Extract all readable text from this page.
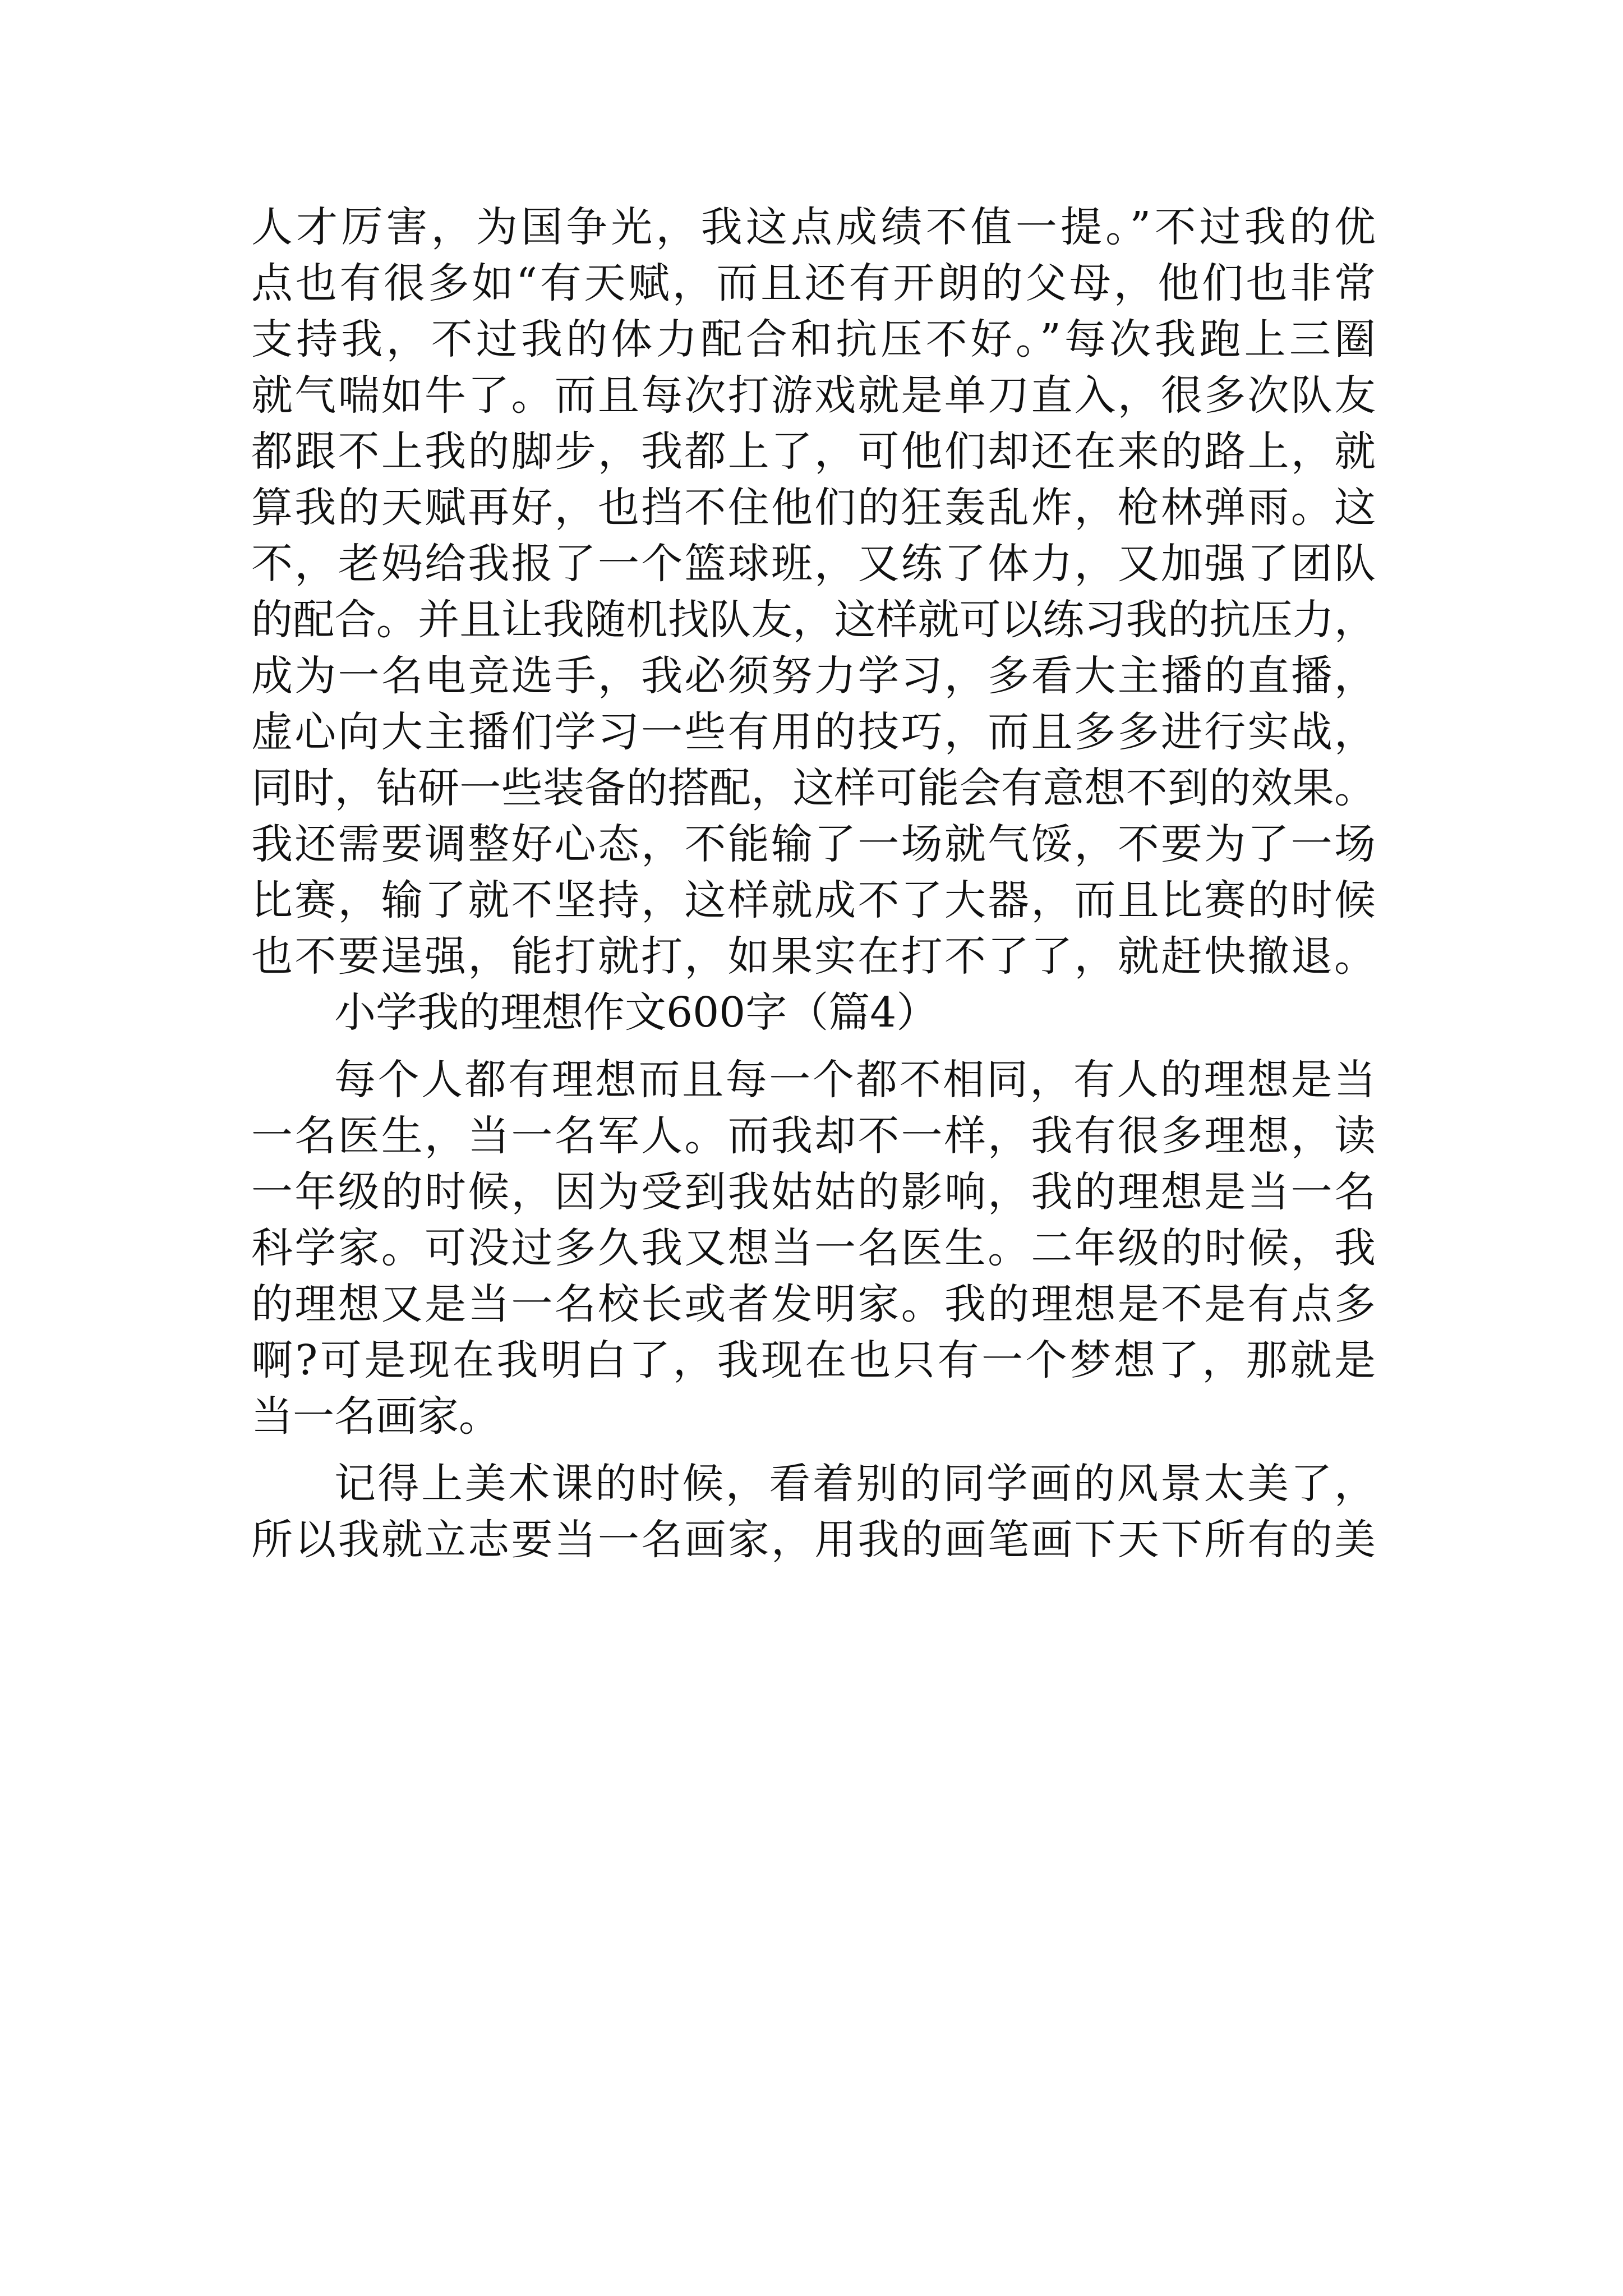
人才厉害，为国争光，我这点成绩不值一提。”不过我的优
点也有很多如“有天赋，而且还有开朗的父母，他们也非常
支持我，不过我的体力配合和抗压不好。”每次我跑上三圈
就气喘如牛了。而且每次打游戏就是单刀直入，很多次队友
都跟不上我的脚步，我都上了，可他们却还在来的路上，就
算我的天赋再好，也挡不住他们的狂轰乱炸，枪林弹雨。这
不，老妈给我报了一个篮球班，又练了体力，又加强了团队
的配合。并且让我随机找队友，这样就可以练习我的抗压力，
成为一名电竞选手，我必须努力学习，多看大主播的直播，
虚心向大主播们学习一些有用的技巧，而且多多进行实战，
同时，钻研一些装备的搭配，这样可能会有意想不到的效果。
我还需要调整好心态，不能输了一场就气馁，不要为了一场
比赛，输了就不坚持，这样就成不了大器，而且比赛的时候
也不要逞强，能打就打，如果实在打不了了，就赶快撤退。
小学我的理想作文600字（篇4）
每个人都有理想而且每一个都不相同，有人的理想是当
一名医生，当一名军人。而我却不一样，我有很多理想，读
一年级的时候，因为受到我姑姑的影响，我的理想是当一名
科学家。可没过多久我又想当一名医生。二年级的时候，我
的理想又是当一名校长或者发明家。我的理想是不是有点多
啊?可是现在我明白了，我现在也只有一个梦想了，那就是
当一名画家。
记得上美术课的时候，看着别的同学画的风景太美了，
所以我就立志要当一名画家，用我的画笔画下天下所有的美
